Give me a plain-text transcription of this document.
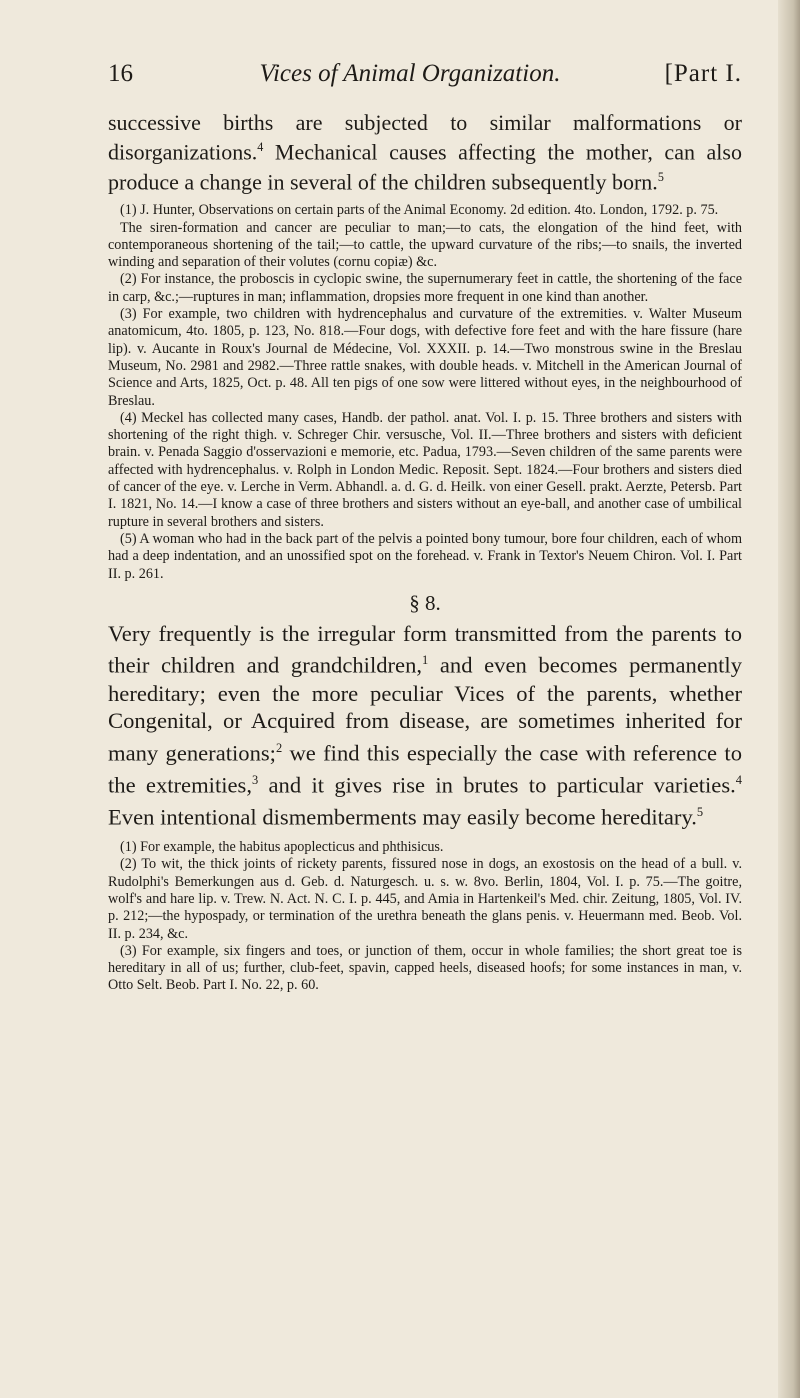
16	Vices of Animal Organization.	[Part I.

successive births are subjected to similar malformations or disorganizations.$^4$ Mechanical causes affecting the mother, can also produce a change in several of the children subsequently born.$^5$

(1) J. Hunter, Observations on certain parts of the Animal Economy. 2d edition. 4to. London, 1792. p. 75.

The siren-formation and cancer are peculiar to man;—to cats, the elongation of the hind feet, with contemporaneous shortening of the tail;—to cattle, the upward curvature of the ribs;—to snails, the inverted winding and separation of their volutes (cornu copiæ) &c.

(2) For instance, the proboscis in cyclopic swine, the supernumerary feet in cattle, the shortening of the face in carp, &c.;—ruptures in man; inflammation, dropsies more frequent in one kind than another.

(3) For example, two children with hydrencephalus and curvature of the extremities. v. Walter Museum anatomicum, 4to. 1805, p. 123, No. 818.—Four dogs, with defective fore feet and with the hare fissure (hare lip). v. Aucante in Roux's Journal de Médecine, Vol. XXXII. p. 14.—Two monstrous swine in the Breslau Museum, No. 2981 and 2982.—Three rattle snakes, with double heads. v. Mitchell in the American Journal of Science and Arts, 1825, Oct. p. 48. All ten pigs of one sow were littered without eyes, in the neighbourhood of Breslau.

(4) Meckel has collected many cases, Handb. der pathol. anat. Vol. I. p. 15. Three brothers and sisters with shortening of the right thigh. v. Schreger Chir. versusche, Vol. II.—Three brothers and sisters with deficient brain. v. Penada Saggio d'osservazioni e memorie, etc. Padua, 1793.—Seven children of the same parents were affected with hydrencephalus. v. Rolph in London Medic. Reposit. Sept. 1824.—Four brothers and sisters died of cancer of the eye. v. Lerche in Verm. Abhandl. a. d. G. d. Heilk. von einer Gesell. prakt. Aerzte, Petersb. Part I. 1821, No. 14.—I know a case of three brothers and sisters without an eye-ball, and another case of umbilical rupture in several brothers and sisters.

(5) A woman who had in the back part of the pelvis a pointed bony tumour, bore four children, each of whom had a deep indentation, and an unossified spot on the forehead. v. Frank in Textor's Neuem Chiron. Vol. I. Part II. p. 261.

§ 8.

Very frequently is the irregular form transmitted from the parents to their children and grandchildren,$^1$ and even becomes permanently hereditary; even the more peculiar Vices of the parents, whether Congenital, or Acquired from disease, are sometimes inherited for many generations;$^2$ we find this especially the case with reference to the extremities,$^3$ and it gives rise in brutes to particular varieties.$^4$ Even intentional dismemberments may easily become hereditary.$^5$

(1) For example, the habitus apoplecticus and phthisicus.

(2) To wit, the thick joints of rickety parents, fissured nose in dogs, an exostosis on the head of a bull. v. Rudolphi's Bemerkungen aus d. Geb. d. Naturgesch. u. s. w. 8vo. Berlin, 1804, Vol. I. p. 75.—The goitre, wolf's and hare lip. v. Trew. N. Act. N. C. I. p. 445, and Amia in Hartenkeil's Med. chir. Zeitung, 1805, Vol. IV. p. 212;—the hypospady, or termination of the urethra beneath the glans penis. v. Heuermann med. Beob. Vol. II. p. 234, &c.

(3) For example, six fingers and toes, or junction of them, occur in whole families; the short great toe is hereditary in all of us; further, club-feet, spavin, capped heels, diseased hoofs; for some instances in man, v. Otto Selt. Beob. Part I. No. 22, p. 60.
